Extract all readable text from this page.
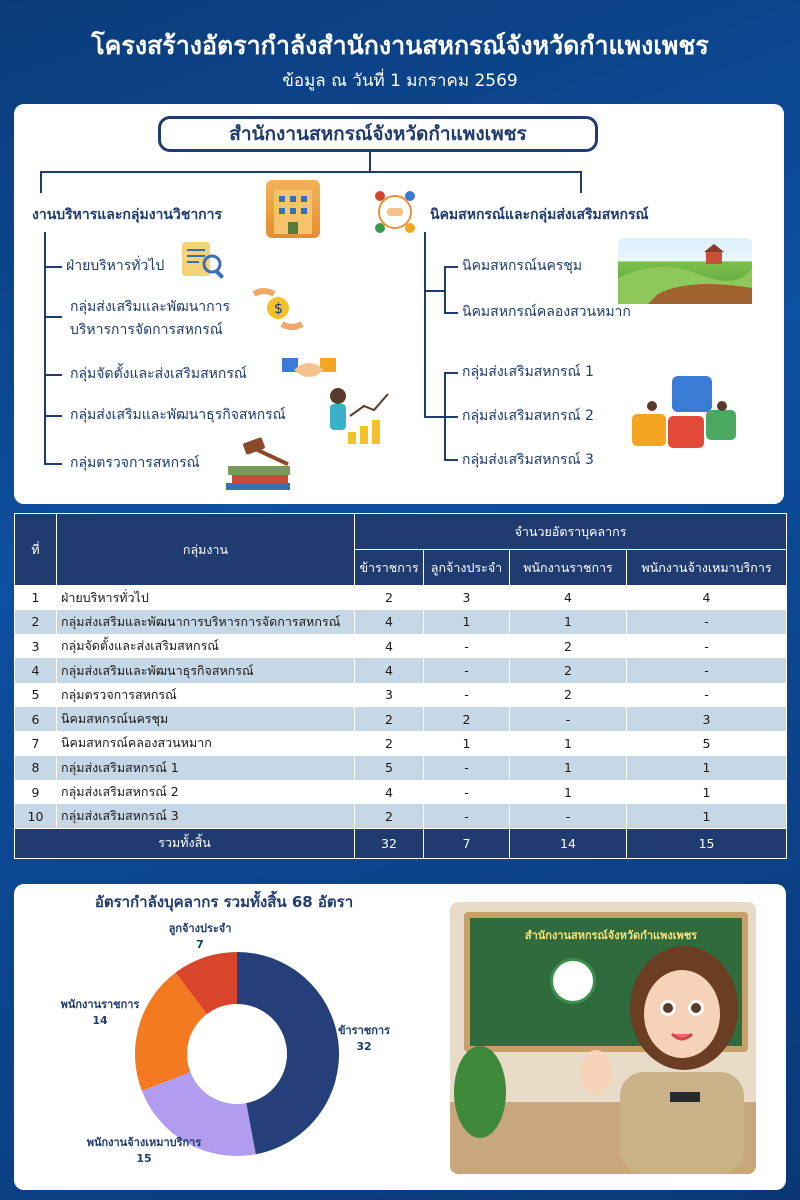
โครงสร้างอัตรากำลังสำนักงานสหกรณ์จังหวัดกำแพงเพชร
ข้อมูล ณ วันที่ 1 มกราคม 2569
สำนักงานสหกรณ์จังหวัดกำแพงเพชร
งานบริหารและกลุ่มงานวิชาการ	นิคมสหกรณ์และกลุ่มส่งเสริมสหกรณ์
ฝ่ายบริหารทั่วไป
กลุ่มส่งเสริมและพัฒนาการ
บริหารการจัดการสหกรณ์
กลุ่มจัดตั้งและส่งเสริมสหกรณ์
กลุ่มส่งเสริมและพัฒนาธุรกิจสหกรณ์
กลุ่มตรวจการสหกรณ์
นิคมสหกรณ์นครชุม
นิคมสหกรณ์คลองสวนหมาก
กลุ่มส่งเสริมสหกรณ์ 1
กลุ่มส่งเสริมสหกรณ์ 2
กลุ่มส่งเสริมสหกรณ์ 3
$
ที่	กลุ่มงาน	จำนวยอัตราบุคลากร			
		ข้าราชการ	ลูกจ้างประจำ	พนักงานราชการ	พนักงานจ้างเหมาบริการ
1	ฝ่ายบริหารทั่วไป	2	3	4	4
2	กลุ่มส่งเสริมและพัฒนาการบริหารการจัดการสหกรณ์	4	1	1	-
3	กลุ่มจัดตั้งและส่งเสริมสหกรณ์	4	-	2	-
4	กลุ่มส่งเสริมและพัฒนาธุรกิจสหกรณ์	4	-	2	-
5	กลุ่มตรวจการสหกรณ์	3	-	2	-
6	นิคมสหกรณ์นครชุม	2	2	-	3
7	นิคมสหกรณ์คลองสวนหมาก	2	1	1	5
8	กลุ่มส่งเสริมสหกรณ์ 1	5	-	1	1
9	กลุ่มส่งเสริมสหกรณ์ 2	4	-	1	1
10	กลุ่มส่งเสริมสหกรณ์ 3	2	-	-	1
รวมทั้งสิ้น		32	7	14	15
อัตรากำลังบุคลากร รวมทั้งสิ้น 68 อัตรา
ข้าราชการ
32
พนักงานจ้างเหมาบริการ
15
พนักงานราชการ
14
ลูกจ้างประจำ
7
สำนักงานสหกรณ์จังหวัดกำแพงเพชร
